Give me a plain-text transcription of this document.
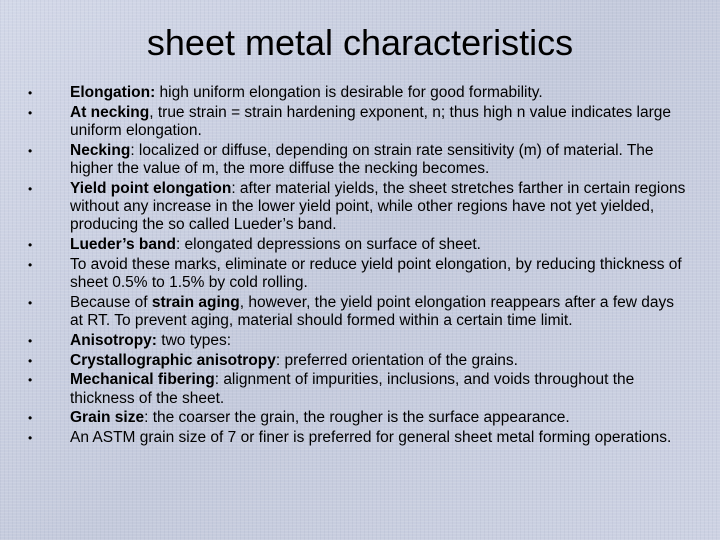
sheet metal characteristics
• Elongation: high uniform elongation is desirable for good formability.
• At necking, true strain = strain hardening exponent, n; thus high n value indicates large uniform elongation.
• Necking: localized or diffuse, depending on strain rate sensitivity (m) of material. The higher the value of m, the more diffuse the necking becomes.
• Yield point elongation: after material yields, the sheet stretches farther in certain regions without any increase in the lower yield point, while other regions have not yet yielded, producing the so called Lueder’s band.
• Lueder’s band: elongated depressions on surface of sheet.
• To avoid these marks, eliminate or reduce yield point elongation, by reducing thickness of sheet 0.5% to 1.5% by cold rolling.
• Because of strain aging, however, the yield point elongation reappears after a few days at RT. To prevent aging, material should formed within a certain time limit.
• Anisotropy: two types:
• Crystallographic anisotropy: preferred orientation of the grains.
• Mechanical fibering: alignment of impurities, inclusions, and voids throughout the thickness of the sheet.
• Grain size: the coarser the grain, the rougher is the surface appearance.
• An ASTM grain size of 7 or finer is preferred for general sheet metal forming operations.
